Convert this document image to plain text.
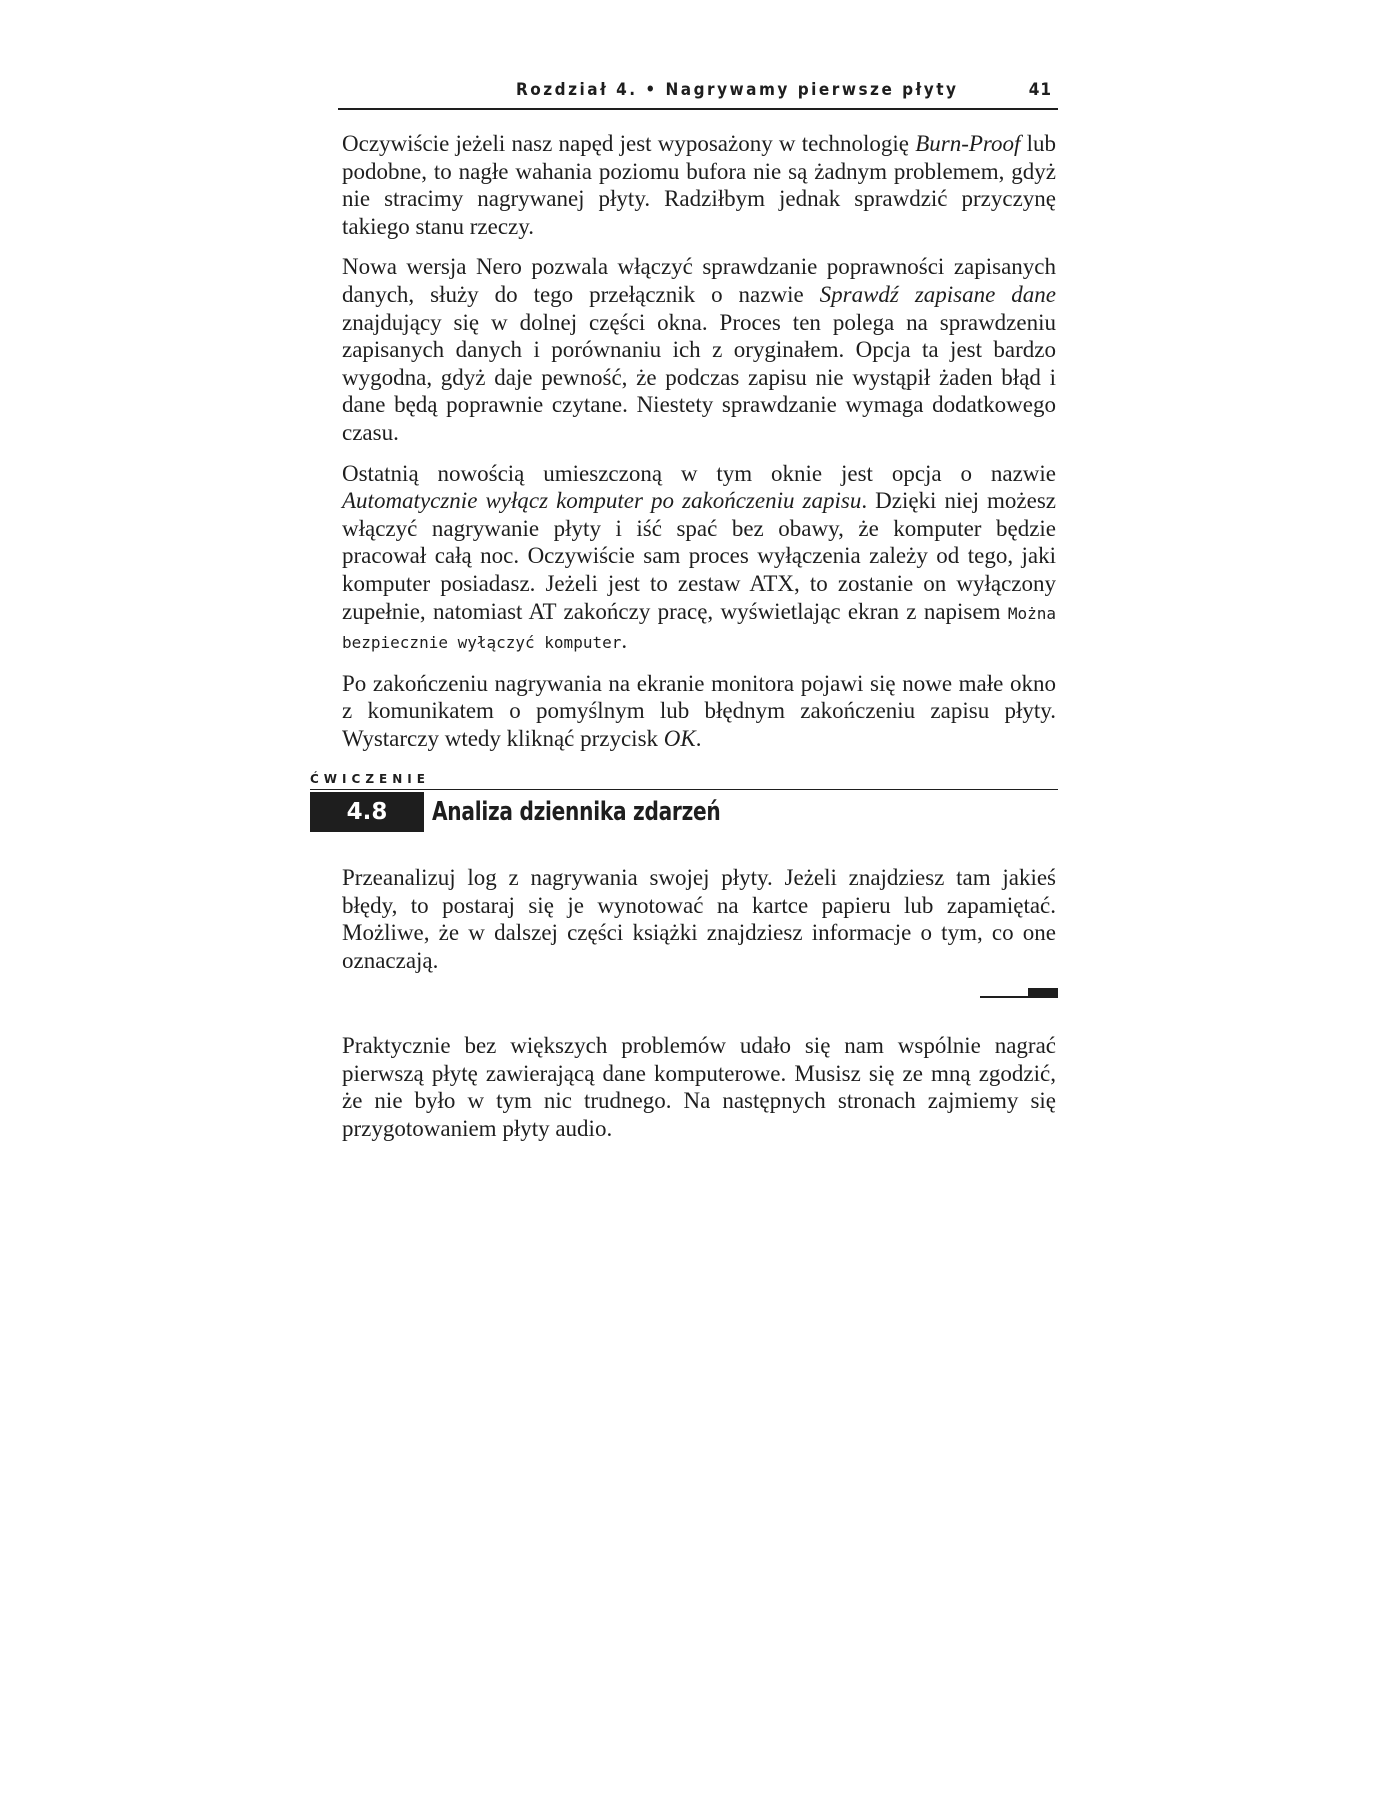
Rozdział 4. • Nagrywamy pierwsze płyty	41

Oczywiście jeżeli nasz napęd jest wyposażony w technologię Burn-Proof lub podobne, to nagłe wahania poziomu bufora nie są żadnym problemem, gdyż nie stracimy nagrywanej płyty. Radziłbym jednak sprawdzić przyczynę takiego stanu rzeczy.

Nowa wersja Nero pozwala włączyć sprawdzanie poprawności zapisanych danych, służy do tego przełącznik o nazwie Sprawdź zapisane dane znajdujący się w dolnej części okna. Proces ten polega na sprawdzeniu zapisanych danych i porównaniu ich z oryginałem. Opcja ta jest bardzo wygodna, gdyż daje pewność, że podczas zapisu nie wystąpił żaden błąd i dane będą poprawnie czytane. Niestety sprawdzanie wymaga dodatkowego czasu.

Ostatnią nowością umieszczoną w tym oknie jest opcja o nazwie Automatycznie wyłącz komputer po zakończeniu zapisu. Dzięki niej możesz włączyć nagrywanie płyty i iść spać bez obawy, że komputer będzie pracował całą noc. Oczywiście sam proces wyłączenia zależy od tego, jaki komputer posiadasz. Jeżeli jest to zestaw ATX, to zostanie on wyłączony zupełnie, natomiast AT zakończy pracę, wyświetlając ekran z napisem Można bezpiecznie wyłączyć komputer.

Po zakończeniu nagrywania na ekranie monitora pojawi się nowe małe okno z komunikatem o pomyślnym lub błędnym zakończeniu zapisu płyty. Wystarczy wtedy kliknąć przycisk OK.

ĆWICZENIE
4.8	Analiza dziennika zdarzeń

Przeanalizuj log z nagrywania swojej płyty. Jeżeli znajdziesz tam jakieś błędy, to postaraj się je wynotować na kartce papieru lub zapamiętać. Możliwe, że w dalszej części książki znajdziesz informacje o tym, co one oznaczają.

Praktycznie bez większych problemów udało się nam wspólnie nagrać pierwszą płytę zawierającą dane komputerowe. Musisz się ze mną zgodzić, że nie było w tym nic trudnego. Na następnych stronach zajmiemy się przygotowaniem płyty audio.
